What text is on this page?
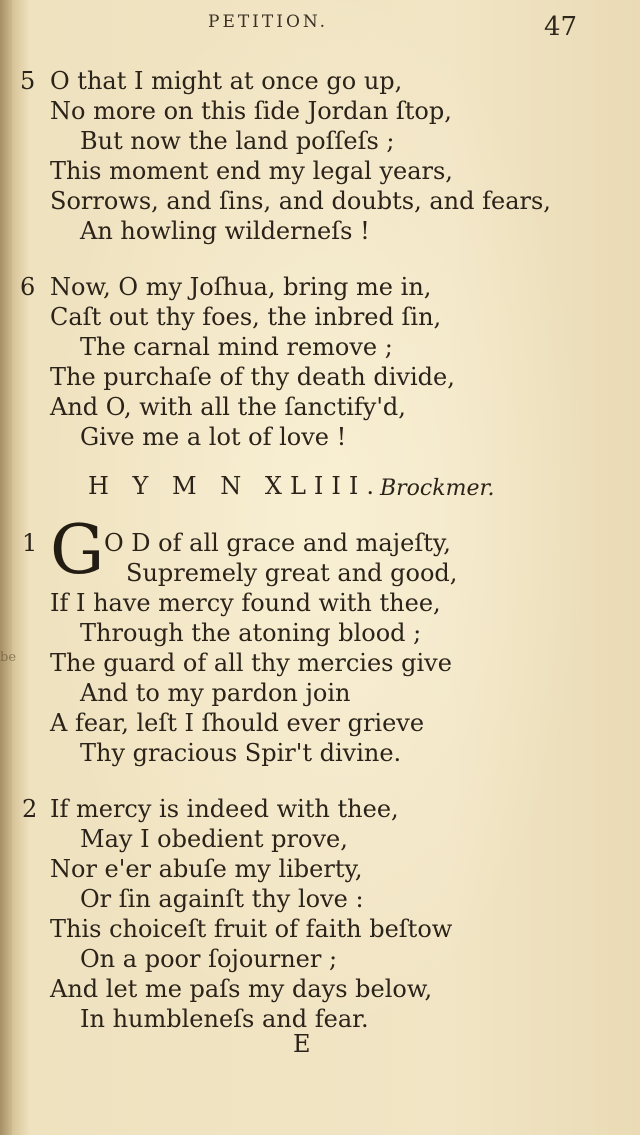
PETITION.	47
be
5 O that I might at once go up,
No more on this ſide Jordan ſtop,
But now the land poſſeſs ;
This moment end my legal years,
Sorrows, and ſins, and doubts, and fears,
An howling wilderneſs !
6 Now, O my Joſhua, bring me in,
Caſt out thy foes, the inbred ſin,
The carnal mind remove ;
The purchaſe of thy death divide,
And O, with all the ſanctify'd,
Give me a lot of love !
H Y M N XLIII.
Brockmer.
1 G O D of all grace and majeſty,
Supremely great and good,
If I have mercy found with thee,
Through the atoning blood ;
The guard of all thy mercies give
And to my pardon join
A fear, leſt I ſhould ever grieve
Thy gracious Spir't divine.
2 If mercy is indeed with thee,
May I obedient prove,
Nor e'er abuſe my liberty,
Or ſin againſt thy love :
This choiceſt fruit of faith beſtow
On a poor ſojourner ;
And let me paſs my days below,
In humbleneſs and fear.
E
